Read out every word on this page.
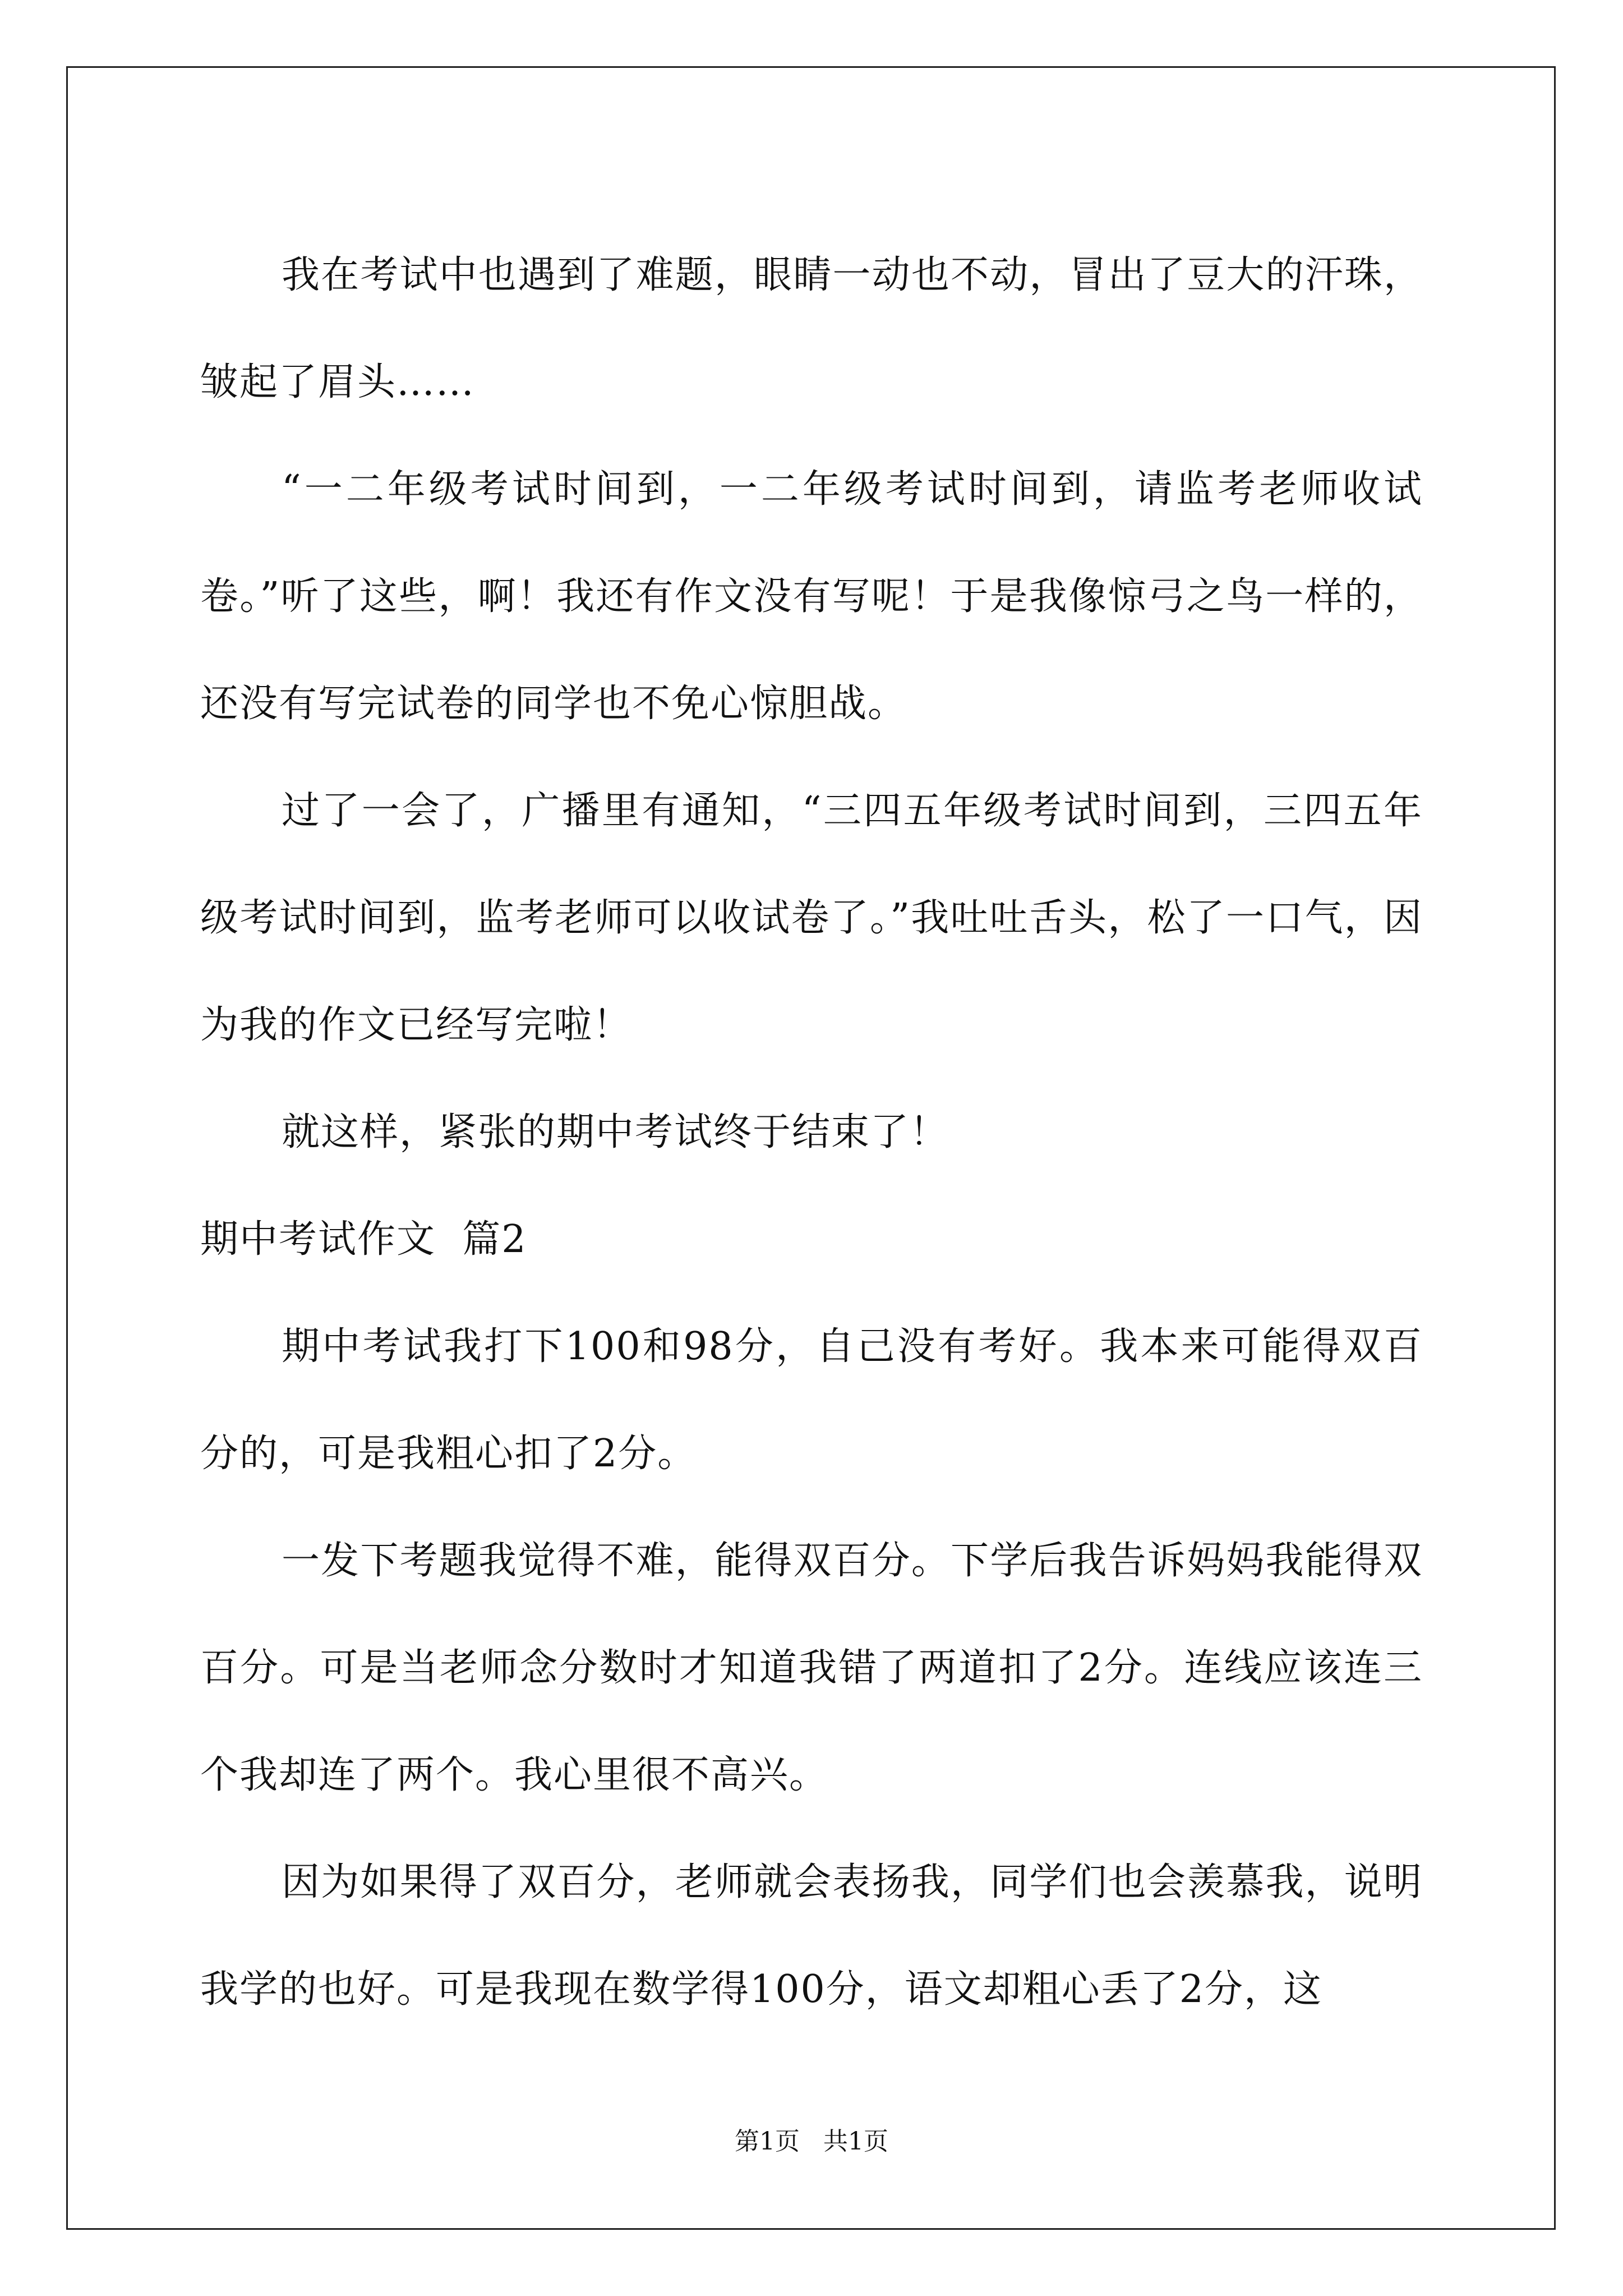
我在考试中也遇到了难题，眼睛一动也不动，冒出了豆大的汗珠，皱起了眉头……

“一二年级考试时间到，一二年级考试时间到，请监考老师收试卷。”听了这些，啊！我还有作文没有写呢！于是我像惊弓之鸟一样的，还没有写完试卷的同学也不免心惊胆战。

过了一会了，广播里有通知，“三四五年级考试时间到，三四五年级考试时间到，监考老师可以收试卷了。”我吐吐舌头，松了一口气，因为我的作文已经写完啦！

就这样，紧张的期中考试终于结束了！

期中考试作文  篇2

期中考试我打下100和98分，自己没有考好。我本来可能得双百分的，可是我粗心扣了2分。

一发下考题我觉得不难，能得双百分。下学后我告诉妈妈我能得双百分。可是当老师念分数时才知道我错了两道扣了2分。连线应该连三个我却连了两个。我心里很不高兴。

因为如果得了双百分，老师就会表扬我，同学们也会羡慕我，说明我学的也好。可是我现在数学得100分，语文却粗心丢了2分，这

第1页   共1页
